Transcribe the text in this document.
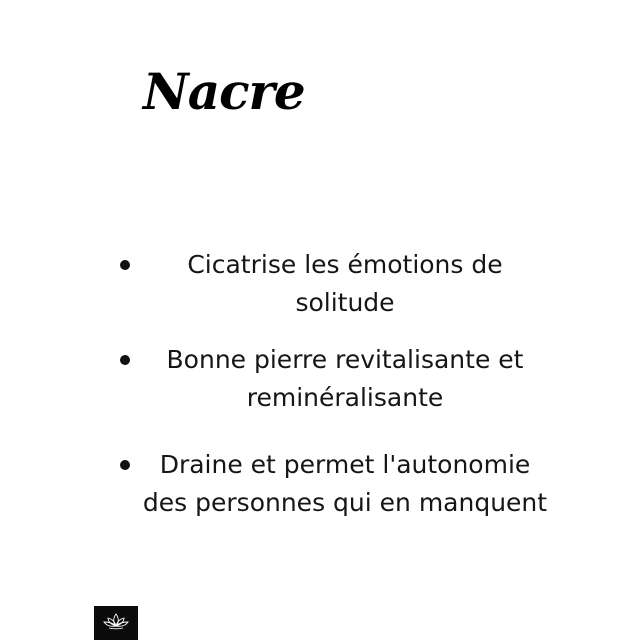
Nacre
Cicatrise les émotions de solitude
Bonne pierre revitalisante et reminéralisante
Draine et permet l'autonomie des personnes qui en manquent
